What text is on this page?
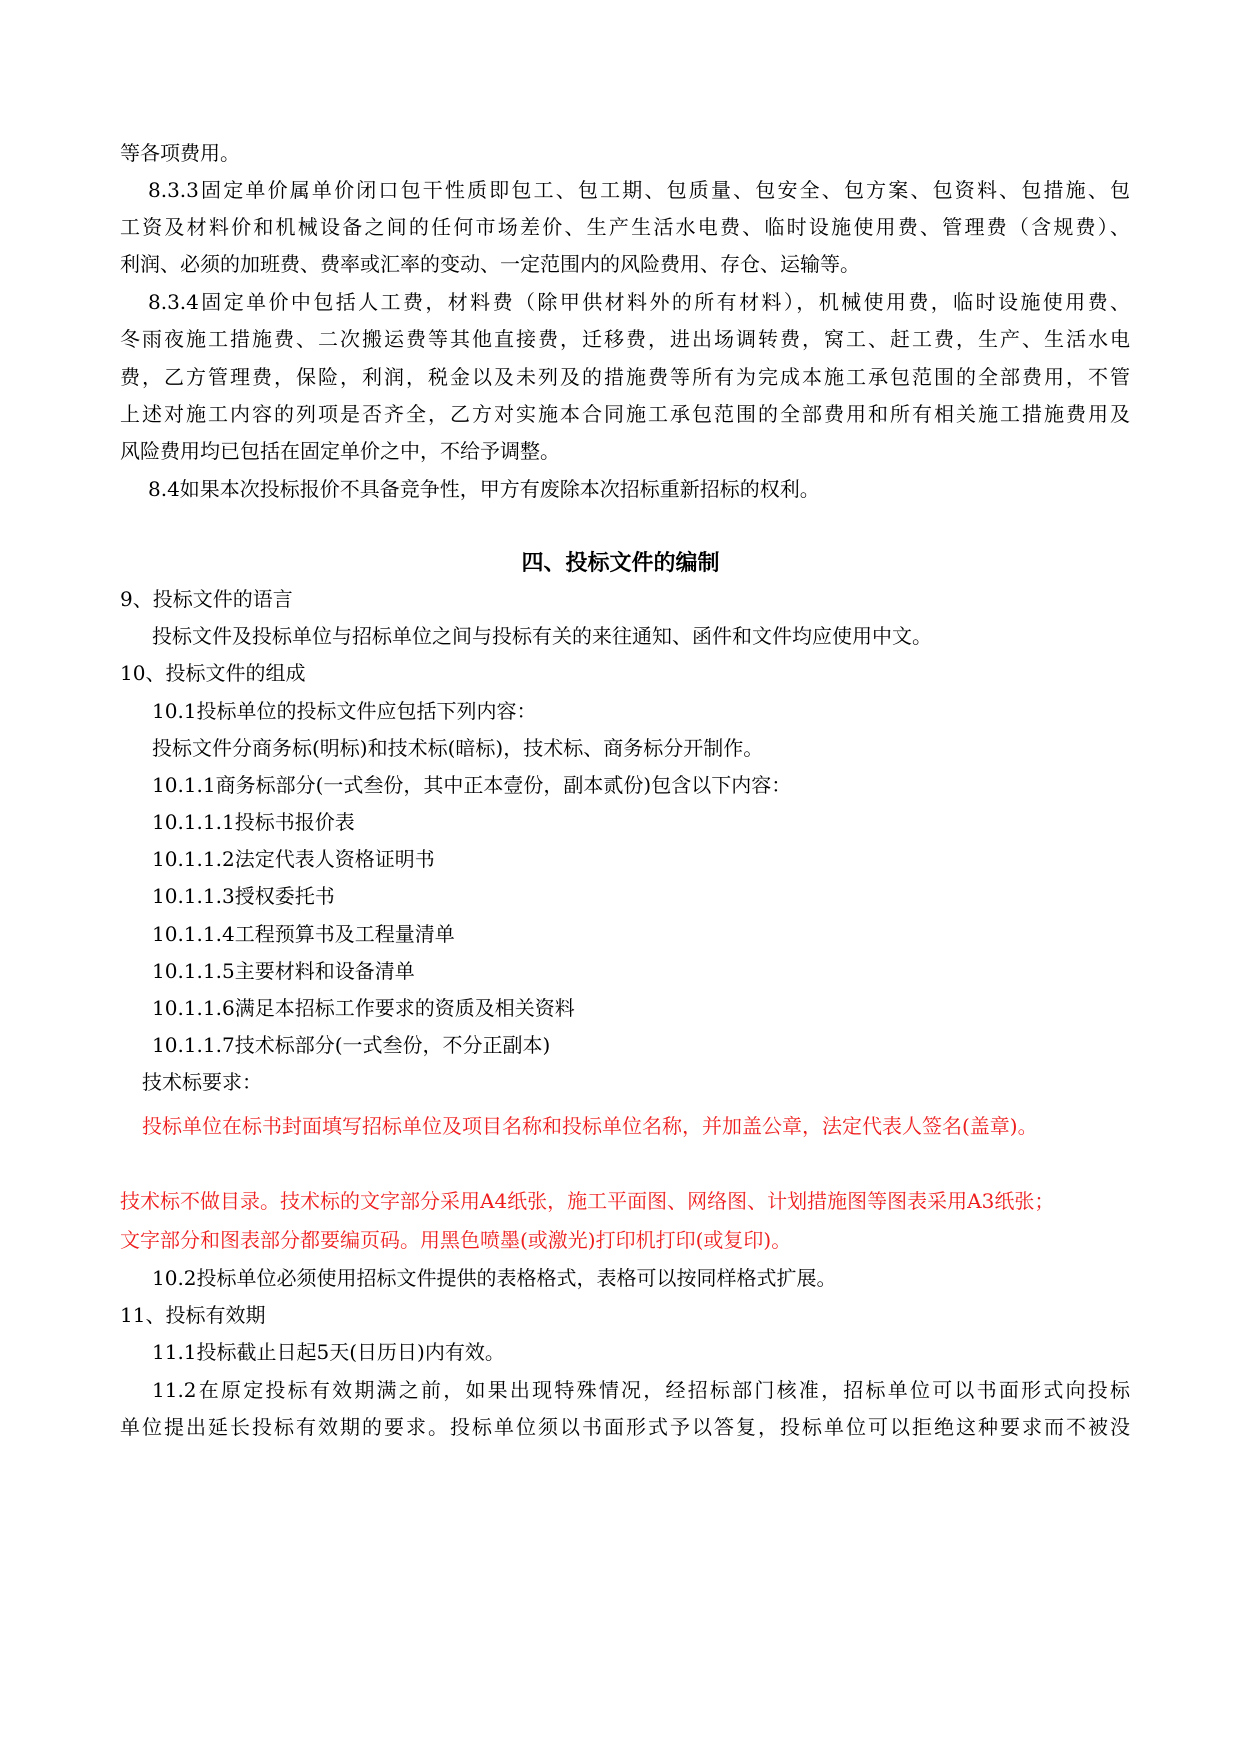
等各项费用。
8.3.3固定单价属单价闭口包干性质即包工、包工期、包质量、包安全、包方案、包资料、包措施、包
工资及材料价和机械设备之间的任何市场差价、生产生活水电费、临时设施使用费、管理费（含规费）、
利润、必须的加班费、费率或汇率的变动、一定范围内的风险费用、存仓、运输等。
8.3.4固定单价中包括人工费，材料费（除甲供材料外的所有材料），机械使用费，临时设施使用费、
冬雨夜施工措施费、二次搬运费等其他直接费，迁移费，进出场调转费，窝工、赶工费，生产、生活水电
费，乙方管理费，保险，利润，税金以及未列及的措施费等所有为完成本施工承包范围的全部费用，不管
上述对施工内容的列项是否齐全，乙方对实施本合同施工承包范围的全部费用和所有相关施工措施费用及
风险费用均已包括在固定单价之中，不给予调整。
8.4如果本次投标报价不具备竞争性，甲方有废除本次招标重新招标的权利。
四、投标文件的编制
9、投标文件的语言
投标文件及投标单位与招标单位之间与投标有关的来往通知、函件和文件均应使用中文。
10、投标文件的组成
10.1投标单位的投标文件应包括下列内容：
投标文件分商务标(明标)和技术标(暗标)，技术标、商务标分开制作。
10.1.1商务标部分(一式叁份，其中正本壹份，副本贰份)包含以下内容：
10.1.1.1投标书报价表
10.1.1.2法定代表人资格证明书
10.1.1.3授权委托书
10.1.1.4工程预算书及工程量清单
10.1.1.5主要材料和设备清单
10.1.1.6满足本招标工作要求的资质及相关资料
10.1.1.7技术标部分(一式叁份，不分正副本)
技术标要求：
投标单位在标书封面填写招标单位及项目名称和投标单位名称，并加盖公章，法定代表人签名(盖章)。
技术标不做目录。技术标的文字部分采用A4纸张，施工平面图、网络图、计划措施图等图表采用A3纸张；
文字部分和图表部分都要编页码。用黑色喷墨(或激光)打印机打印(或复印)。
10.2投标单位必须使用招标文件提供的表格格式，表格可以按同样格式扩展。
11、投标有效期
11.1投标截止日起5天(日历日)内有效。
11.2在原定投标有效期满之前，如果出现特殊情况，经招标部门核准，招标单位可以书面形式向投标
单位提出延长投标有效期的要求。投标单位须以书面形式予以答复，投标单位可以拒绝这种要求而不被没
